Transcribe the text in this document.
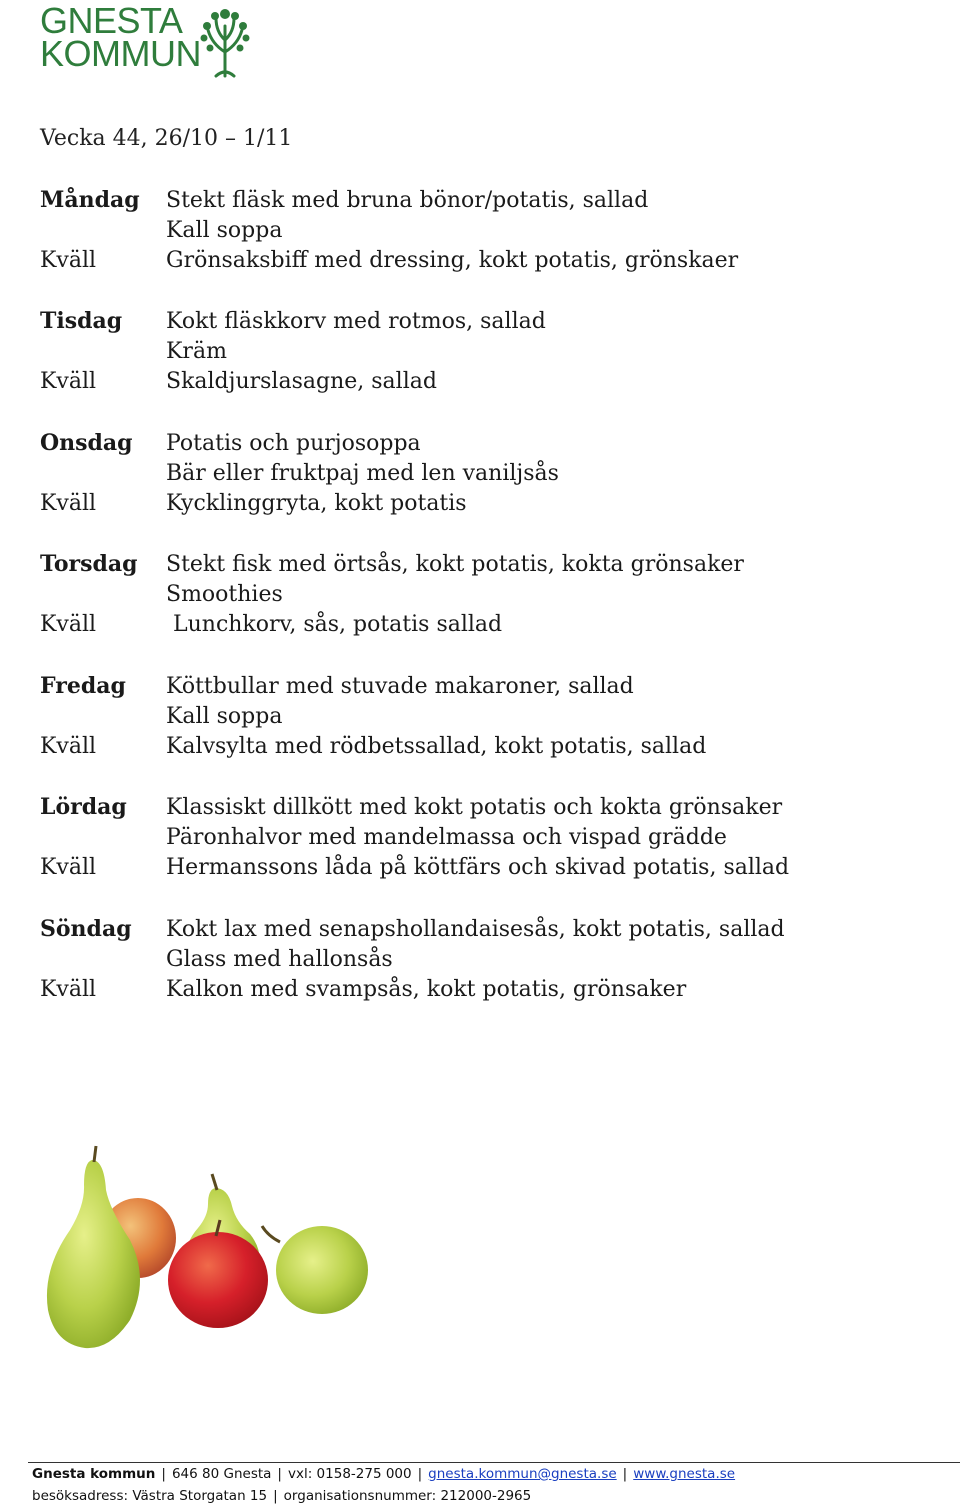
GNESTA
KOMMUN
Vecka 44, 26/10 – 1/11
Måndag	Stekt fläsk med bruna bönor/potatis, sallad
Kall soppa
Kväll	Grönsaksbiff med dressing, kokt potatis, grönskaer
Tisdag	Kokt fläskkorv med rotmos, sallad
Kräm
Kväll	Skaldjurslasagne, sallad
Onsdag	Potatis och purjosoppa
Bär eller fruktpaj med len vaniljsås
Kväll	Kycklinggryta, kokt potatis
Torsdag	Stekt fisk med örtsås, kokt potatis, kokta grönsaker
Smoothies
Kväll	Lunchkorv, sås, potatis sallad
Fredag	Köttbullar med stuvade makaroner, sallad
Kall soppa
Kväll	Kalvsylta med rödbetssallad, kokt potatis, sallad
Lördag	Klassiskt dillkött med kokt potatis och kokta grönsaker
Päronhalvor med mandelmassa och vispad grädde
Kväll	Hermanssons låda på köttfärs och skivad potatis, sallad
Söndag	Kokt lax med senapshollandaisesås, kokt potatis, sallad
Glass med hallonsås
Kväll	Kalkon med svampsås, kokt potatis, grönsaker
Gnesta kommun | 646 80 Gnesta | vxl: 0158-275 000 | gnesta.kommun@gnesta.se | www.gnesta.se
besöksadress: Västra Storgatan 15 | organisationsnummer: 212000-2965
